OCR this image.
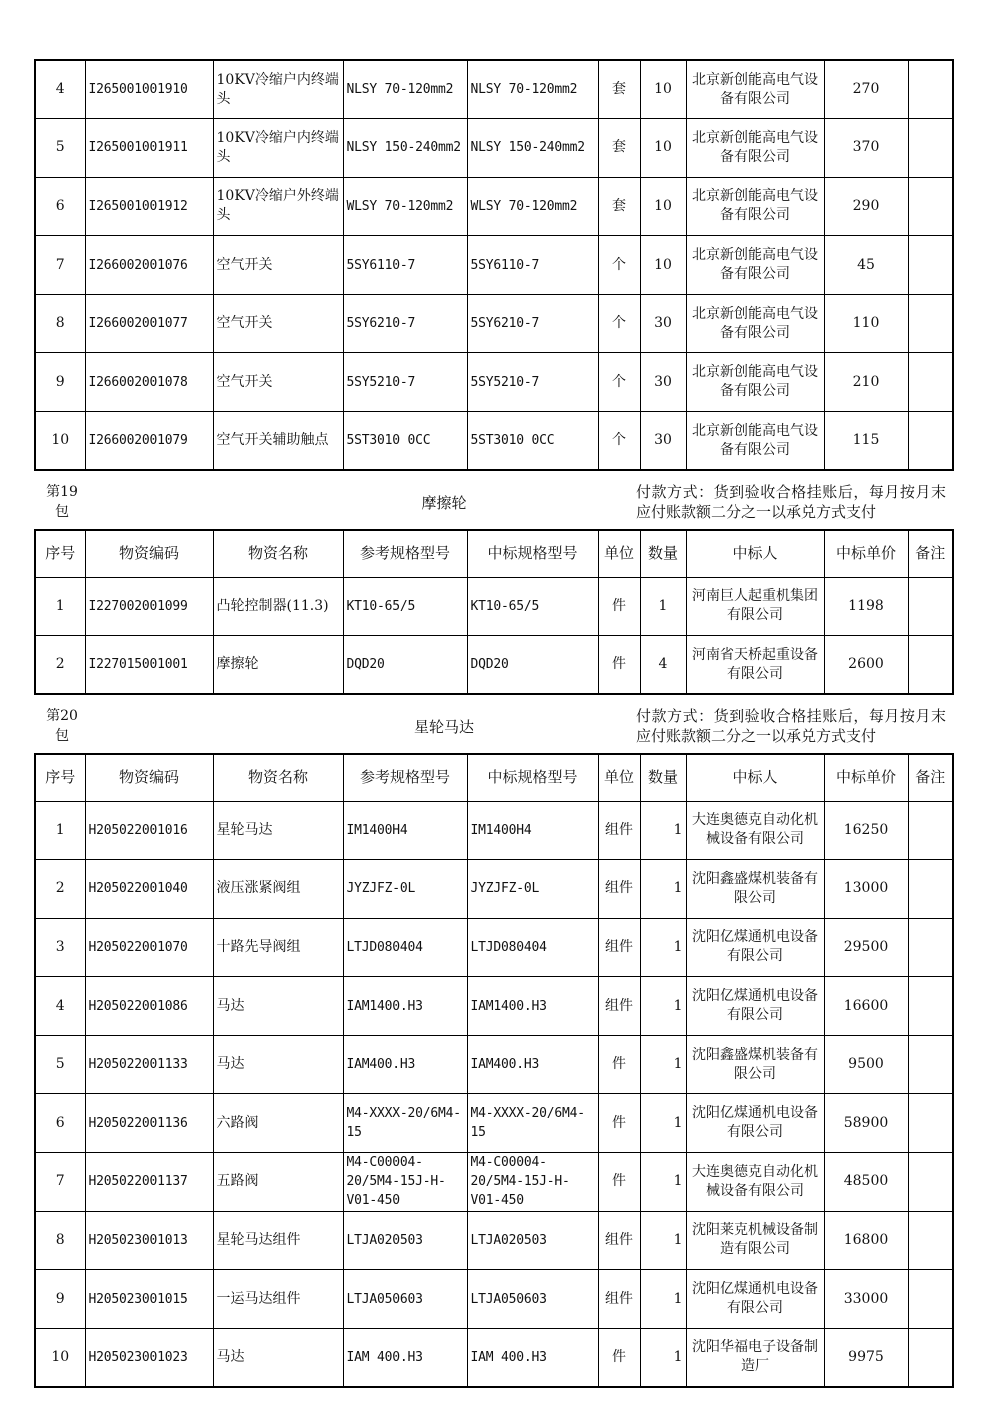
4	I265001001910	10KV冷缩户内终端头	NLSY 70-120mm2	NLSY 70-120mm2	套	10	北京新创能高电气设备有限公司	270	
5	I265001001911	10KV冷缩户内终端头	NLSY 150-240mm2	NLSY 150-240mm2	套	10	北京新创能高电气设备有限公司	370	
6	I265001001912	10KV冷缩户外终端头	WLSY 70-120mm2	WLSY 70-120mm2	套	10	北京新创能高电气设备有限公司	290	
7	I266002001076	空气开关	5SY6110-7	5SY6110-7	个	10	北京新创能高电气设备有限公司	45	
8	I266002001077	空气开关	5SY6210-7	5SY6210-7	个	30	北京新创能高电气设备有限公司	110	
9	I266002001078	空气开关	5SY5210-7	5SY5210-7	个	30	北京新创能高电气设备有限公司	210	
10	I266002001079	空气开关辅助触点	5ST3010 0CC	5ST3010 0CC	个	30	北京新创能高电气设备有限公司	115	
第19包	摩擦轮
付款方式：货到验收合格挂账后，每月按月末应付账款额二分之一以承兑方式支付
序号	物资编码	物资名称	参考规格型号	中标规格型号	单位	数量	中标人	中标单价	备注
1	I227002001099	凸轮控制器(11.3)	KT10-65/5	KT10-65/5	件	1	河南巨人起重机集团有限公司	1198	
2	I227015001001	摩擦轮	DQD20	DQD20	件	4	河南省天桥起重设备有限公司	2600	
第20包	星轮马达
付款方式：货到验收合格挂账后，每月按月末应付账款额二分之一以承兑方式支付
序号	物资编码	物资名称	参考规格型号	中标规格型号	单位	数量	中标人	中标单价	备注
1	H205022001016	星轮马达	IM1400H4	IM1400H4	组件	1	大连奥德克自动化机械设备有限公司	16250	
2	H205022001040	液压涨紧阀组	JYZJFZ-0L	JYZJFZ-0L	组件	1	沈阳鑫盛煤机装备有限公司	13000	
3	H205022001070	十路先导阀组	LTJD080404	LTJD080404	组件	1	沈阳亿煤通机电设备有限公司	29500	
4	H205022001086	马达	IAM1400.H3	IAM1400.H3	组件	1	沈阳亿煤通机电设备有限公司	16600	
5	H205022001133	马达	IAM400.H3	IAM400.H3	件	1	沈阳鑫盛煤机装备有限公司	9500	
6	H205022001136	六路阀	M4-XXXX-20/6M4-15	M4-XXXX-20/6M4-15	件	1	沈阳亿煤通机电设备有限公司	58900	
7	H205022001137	五路阀	M4-C00004-20/5M4-15J-H-V01-450	M4-C00004-20/5M4-15J-H-V01-450	件	1	大连奥德克自动化机械设备有限公司	48500	
8	H205023001013	星轮马达组件	LTJA020503	LTJA020503	组件	1	沈阳莱克机械设备制造有限公司	16800	
9	H205023001015	一运马达组件	LTJA050603	LTJA050603	组件	1	沈阳亿煤通机电设备有限公司	33000	
10	H205023001023	马达	IAM 400.H3	IAM 400.H3	件	1	沈阳华福电子设备制造厂	9975	
